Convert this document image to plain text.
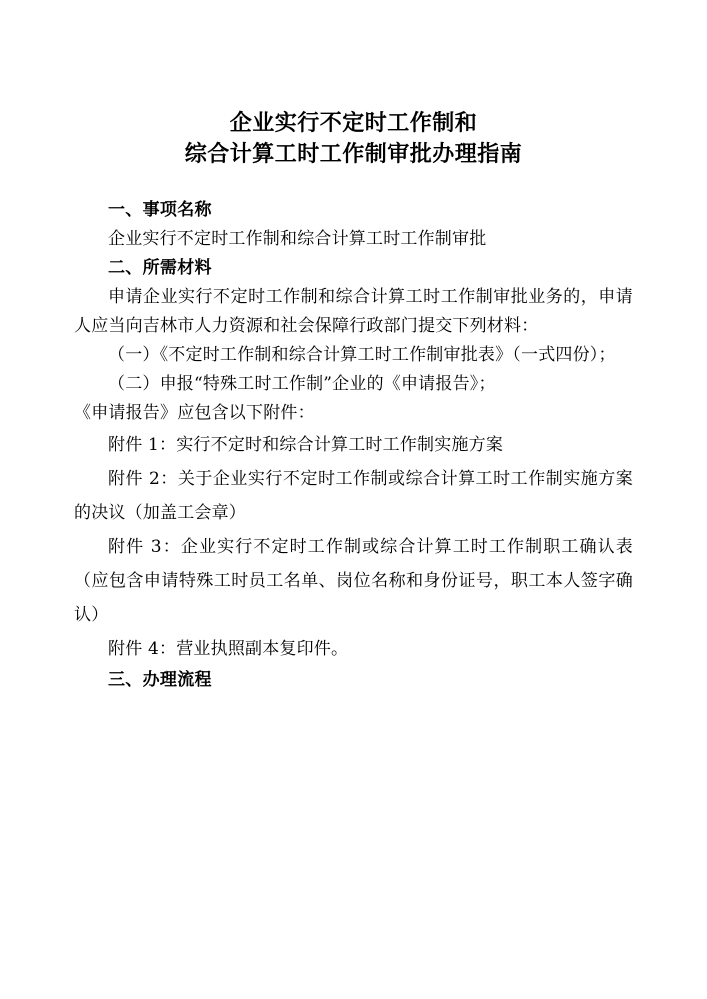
企业实行不定时工作制和
综合计算工时工作制审批办理指南
一、事项名称
企业实行不定时工作制和综合计算工时工作制审批
二、所需材料
申请企业实行不定时工作制和综合计算工时工作制审批业务的，申请人应当向吉林市人力资源和社会保障行政部门提交下列材料：
（一）《不定时工作制和综合计算工时工作制审批表》（一式四份）；
（二）申报“特殊工时工作制”企业的《申请报告》；
《申请报告》应包含以下附件：
附件 1：实行不定时和综合计算工时工作制实施方案
附件 2：关于企业实行不定时工作制或综合计算工时工作制实施方案的决议（加盖工会章）
附件 3：企业实行不定时工作制或综合计算工时工作制职工确认表（应包含申请特殊工时员工名单、岗位名称和身份证号，职工本人签字确认）
附件 4：营业执照副本复印件。
三、办理流程
